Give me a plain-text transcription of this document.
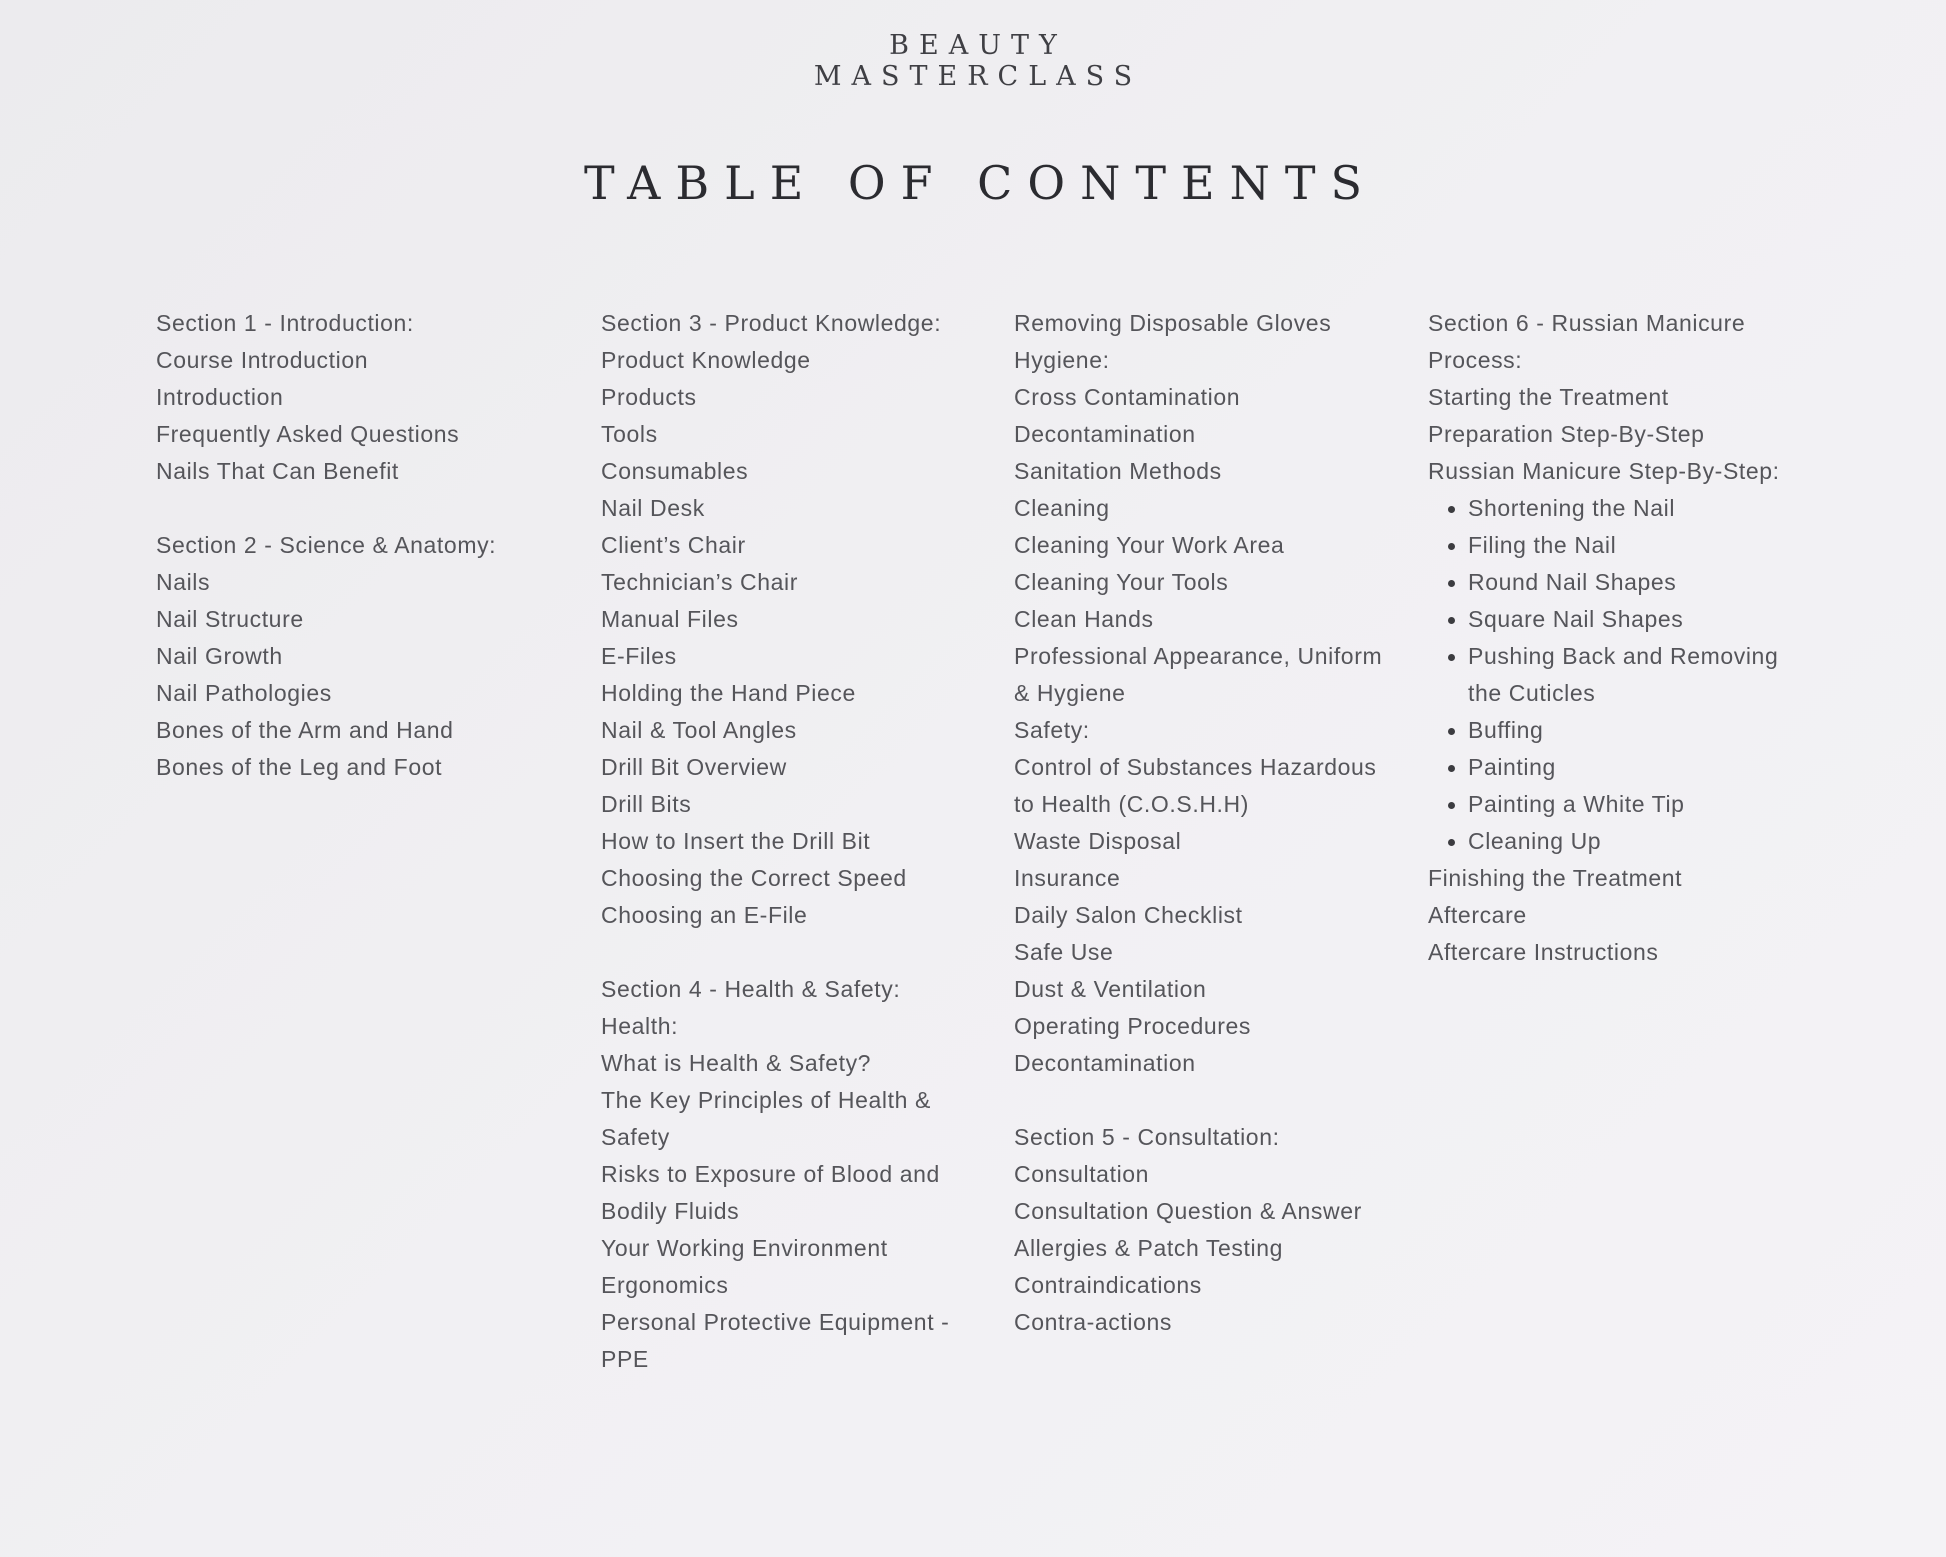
BEAUTY
MASTERCLASS
TABLE OF CONTENTS
Section 1 - Introduction:
Course Introduction
Introduction
Frequently Asked Questions
Nails That Can Benefit
Section 2 - Science & Anatomy:
Nails
Nail Structure
Nail Growth
Nail Pathologies
Bones of the Arm and Hand
Bones of the Leg and Foot
Section 3 - Product Knowledge:
Product Knowledge
Products
Tools
Consumables
Nail Desk
Client’s Chair
Technician’s Chair
Manual Files
E-Files
Holding the Hand Piece
Nail & Tool Angles
Drill Bit Overview
Drill Bits
How to Insert the Drill Bit
Choosing the Correct Speed
Choosing an E-File
Section 4 - Health & Safety:
Health:
What is Health & Safety?
The Key Principles of Health &
Safety
Risks to Exposure of Blood and
Bodily Fluids
Your Working Environment
Ergonomics
Personal Protective Equipment -
PPE
Removing Disposable Gloves
Hygiene:
Cross Contamination
Decontamination
Sanitation Methods
Cleaning
Cleaning Your Work Area
Cleaning Your Tools
Clean Hands
Professional Appearance, Uniform
& Hygiene
Safety:
Control of Substances Hazardous
to Health (C.O.S.H.H)
Waste Disposal
Insurance
Daily Salon Checklist
Safe Use
Dust & Ventilation
Operating Procedures
Decontamination
Section 5 - Consultation:
Consultation
Consultation Question & Answer
Allergies & Patch Testing
Contraindications
Contra-actions
Section 6 - Russian Manicure
Process:
Starting the Treatment
Preparation Step-By-Step
Russian Manicure Step-By-Step:
Shortening the Nail
Filing the Nail
Round Nail Shapes
Square Nail Shapes
Pushing Back and Removing
the Cuticles
Buffing
Painting
Painting a White Tip
Cleaning Up
Finishing the Treatment
Aftercare
Aftercare Instructions
